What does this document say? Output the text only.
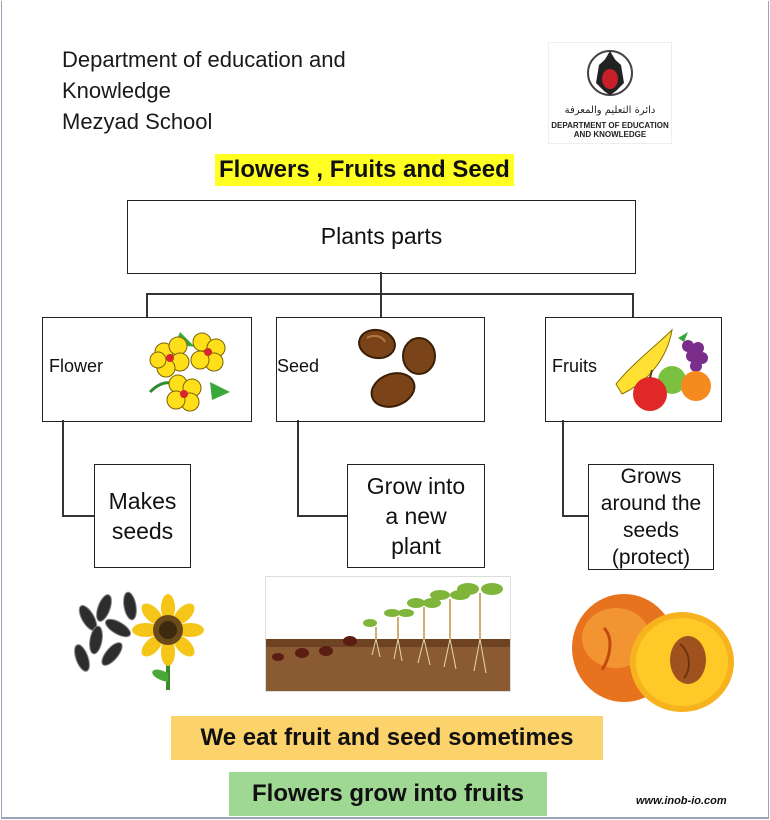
Department of education and
Knowledge
Mezyad School	دائرة التعليم والمعرفة
DEPARTMENT OF EDUCATION
AND KNOWLEDGE
Flowers , Fruits and Seed
Plants parts
Flower
Makes
seeds
Seed
Grow into
a new
plant
Fruits
Grows
around the
seeds
(protect)
We eat fruit and seed sometimes
Flowers grow into fruits	www.inob-io.com
